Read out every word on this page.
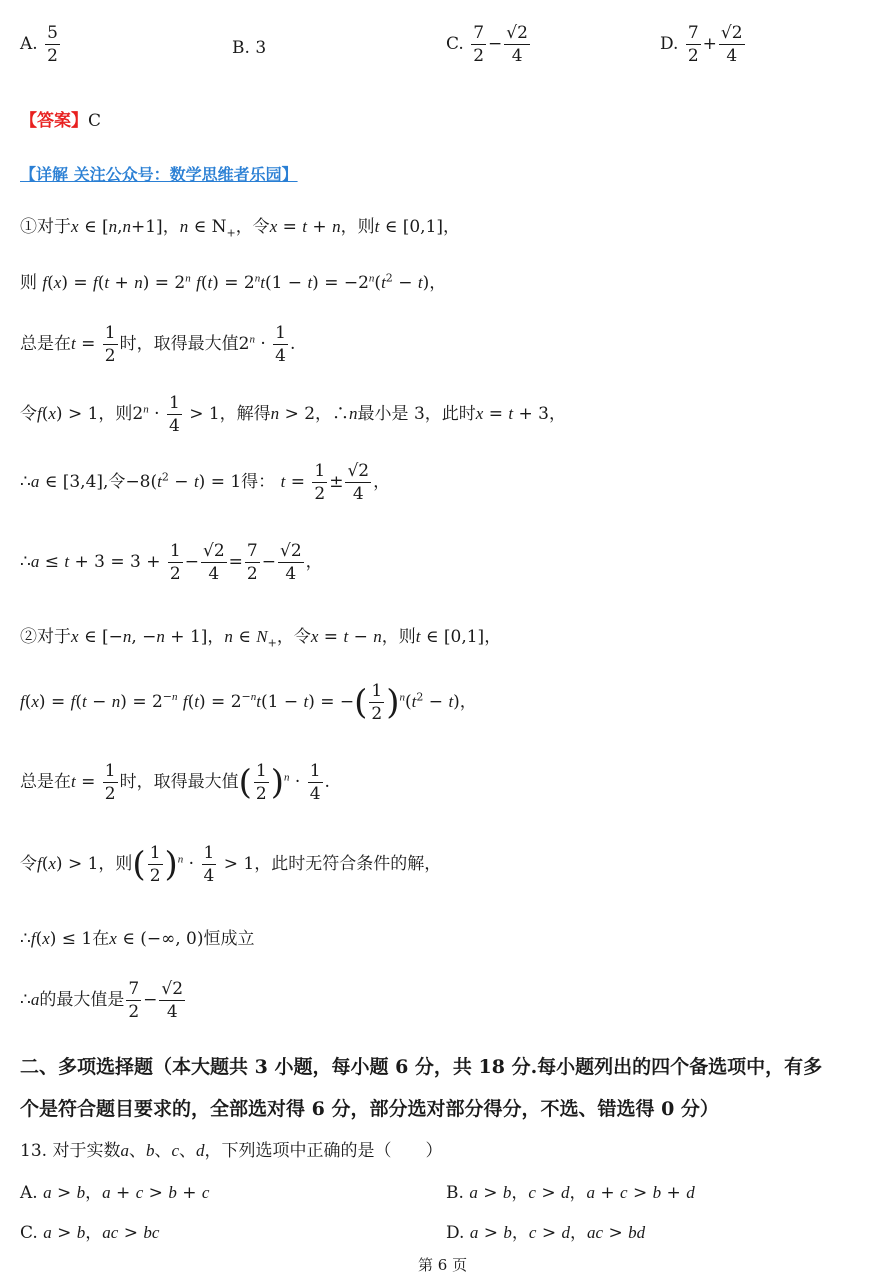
A. $\frac{5}{2}$	B. 3	C. $\frac{7}{2} - \frac{√2}{4}$	D. $\frac{7}{2} + \frac{√2}{4}$
【答案】C
【详解 关注公众号：数学思维者乐园】
①对于x ∈ [n,n+1]，n ∈ $N_+$，令x = t + n，则t ∈ [0,1]，
则 $f(x) = f(t + n) = 2^n$ $f(t) = 2^nt(1 - t) = -2^n(t^2 - t)$，
总是在$t = \frac{1}{2}$ 时，取得最大值$2^n \cdot \frac{1}{4}$ .
令f(x) > 1，则$2^n \cdot \frac{1}{4} > 1$，解得n > 2，∴n最小是 3，此时x = t + 3，
∴a ∈ [3,4],令$-8(t^2 - t) = 1$得： $t = \frac{1}{2} \pm \frac{√2}{4}$ ，
∴a ≤ $t + 3 = 3 + \frac{1}{2} - \frac{√2}{4} = \frac{7}{2} - \frac{√2}{4}$ ，
②对于x ∈ [−n, −n + 1]，n ∈ $N_+$，令x = t − n，则t ∈ [0,1]，
$f(x) = f(t - n) = 2^{-n}$ $f(t) = 2^{-n}t(1 - t)$ = −( $\frac{1}{2} )^n(t^2 - t)$，
总是在$t = \frac{1}{2}$ 时，取得最大值( $\frac{1}{2} )^n \cdot \frac{1}{4}$ .
令f(x) > 1，则( $\frac{1}{2} )^n \cdot \frac{1}{4} > 1$，此时无符合条件的解，
∴f(x) ≤ 1在x ∈ (−∞, 0)恒成立
∴a的最大值是 $\frac{7}{2} - \frac{√2}{4}$
二、多项选择题（本大题共 3 小题，每小题 6 分，共 18 分.每小题列出的四个备选项中，有多
个是符合题目要求的，全部选对得 6 分，部分选对部分得分，不选、错选得 0 分）
13. 对于实数a、b、c、d，下列选项中正确的是（　　）
A. a > b，a + c > b + c	B. a > b，c > d，a + c > b + d
C. a > b，ac > bc	D. a > b，c > d，ac > bd
第 6 页
